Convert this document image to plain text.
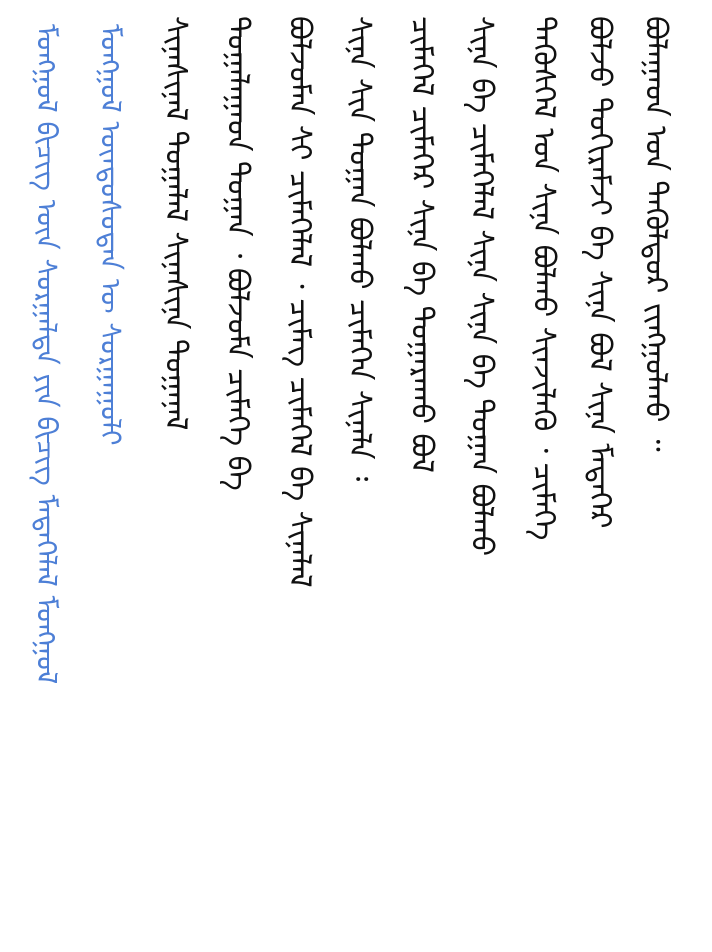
ᠪᠣᠯᠠᠭᠠᠳ ᠤᠨ ᠲᠡᠭᠦᠯᠳᠦᠷ ᠵᠢᠩᠭᠣᠯᠬᠤ ᠃
ᠪᠣᠯᠵᠣ ᠲᠣᠬᠢᠷᠠᠮᠵᠢ ᠪᠠ ᠰᠢᠨᠡ ᠪᠣᠯ ᠰᠢᠨᠡ ᠮᠡᠳᠡᠭᠡᠷ
ᠲᠡᠭᠦᠰᠬᠡᠯ ᠤᠨ ᠰᠢᠨᠡ ᠪᠣᠯᠬᠤ ᠰᠢᠨᠵᠢᠯᠡᠬᠦ ᠂ ᠴᠢᠮᠡᠭᠡ
ᠰᠢᠨᠡ ᠪᠠ ᠴᠢᠮᠡᠭᠡᠯᠡᠯ ᠰᠢᠨᠡ ᠰᠢᠨᠡ ᠪᠠ ᠲᠣᠭᠠᠨ ᠪᠣᠯᠬᠤ
ᠴᠢᠮᠡᠭᠡᠯ ᠴᠢᠮᠡᠭᠡᠷ ᠰᠢᠨᠡ ᠪᠠ ᠲᠣᠭᠠᠷᠠᠬᠤ ᠪᠣᠯ
ᠰᠢᠨᠡ ᠰᠢᠨ ᠲᠣᠭᠠᠨ ᠪᠣᠯᠬᠤ ᠴᠢᠮᠡᠭᠡᠨ ᠰᠢᠨᠡᠯᠡ ᠄
ᠪᠣᠯᠵᠣᠮᠠᠨ ᠰᠢ ᠴᠢᠮᠡᠭᠡᠯᠡᠯ ᠂ ᠴᠢᠮᠡᠭ ᠴᠢᠮᠡᠭᠡᠯ ᠪᠠ ᠰᠢᠨᠡᠯᠡᠯ
ᠲᠣᠭᠠᠯᠠᠭᠠᠳ ᠲᠣᠭᠠᠨ ᠂ ᠪᠣᠯᠵᠣᠮᠠ ᠴᠢᠮᠡᠭᠡ ᠪᠠ
ᠰᠢᠨᠡᠰᠢᠨᠡᠯ ᠲᠣᠭᠠᠯᠠᠯ ᠰᠢᠨᠡᠰᠢᠨᠡ ᠲᠣᠭᠠᠨᠡᠯ
ᠮᠣᠩᠭᠣᠯ ᠦᠨᠳᠦᠰᠦᠲᠡᠨ ᠦ ᠰᠤᠷᠭᠠᠭᠤᠯᠢ
ᠮᠣᠩᠭᠣᠯ ᠪᠢᠴᠢᠭ ᠦᠨ ᠰᠤᠷᠭᠠᠯᠲᠠ ᠶᠢᠨ ᠪᠢᠴᠢᠭ ᠮᠡᠳᠡᠭᠡᠯᠡᠯ ᠮᠣᠩᠭᠣᠯ
